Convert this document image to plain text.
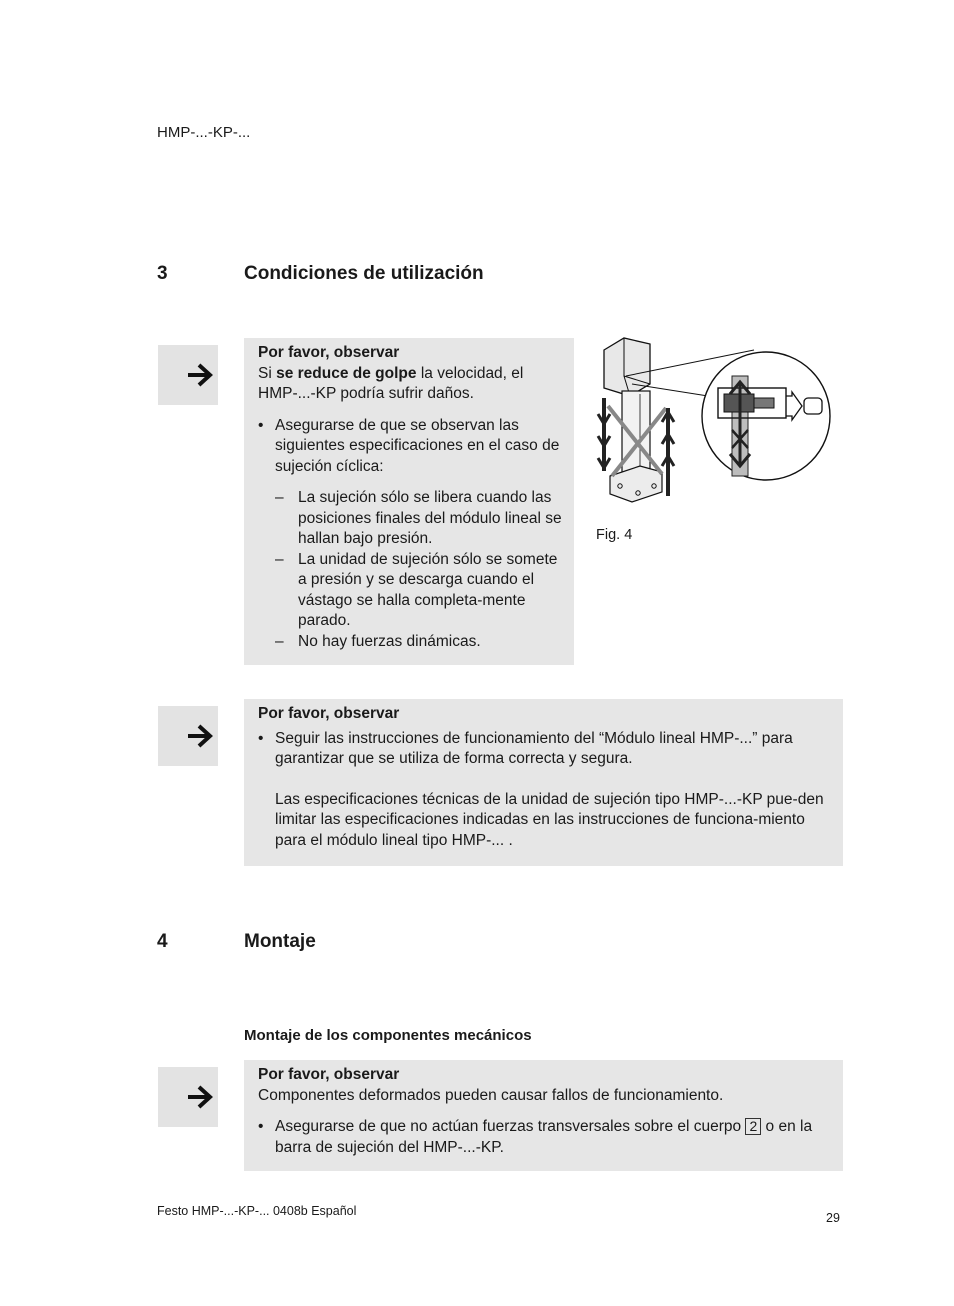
HMP-...-KP-...
3	Condiciones de utilización
Por favor, observar
Si se reduce de golpe la velocidad, el HMP-...-KP podría sufrir daños.
• Asegurarse de que se observan las siguientes especificaciones en el caso de sujeción cíclica:
– La sujeción sólo se libera cuando las posiciones finales del módulo lineal se hallan bajo presión.
– La unidad de sujeción sólo se somete a presión y se descarga cuando el vástago se halla completa-mente parado.
– No hay fuerzas dinámicas.
Fig. 4
Por favor, observar
• Seguir las instrucciones de funcionamiento del “Módulo lineal HMP-...” para garantizar que se utiliza de forma correcta y segura.
Las especificaciones técnicas de la unidad de sujeción tipo HMP-...-KP pue-den limitar las especificaciones indicadas en las instrucciones de funciona-miento para el módulo lineal tipo HMP-... .
4	Montaje
Montaje de los componentes mecánicos
Por favor, observar
Componentes deformados pueden causar fallos de funcionamiento.
• Asegurarse de que no actúan fuerzas transversales sobre el cuerpo 2 o en la barra de sujeción del HMP-...-KP.
Festo HMP-...-KP-... 0408b Español	29
